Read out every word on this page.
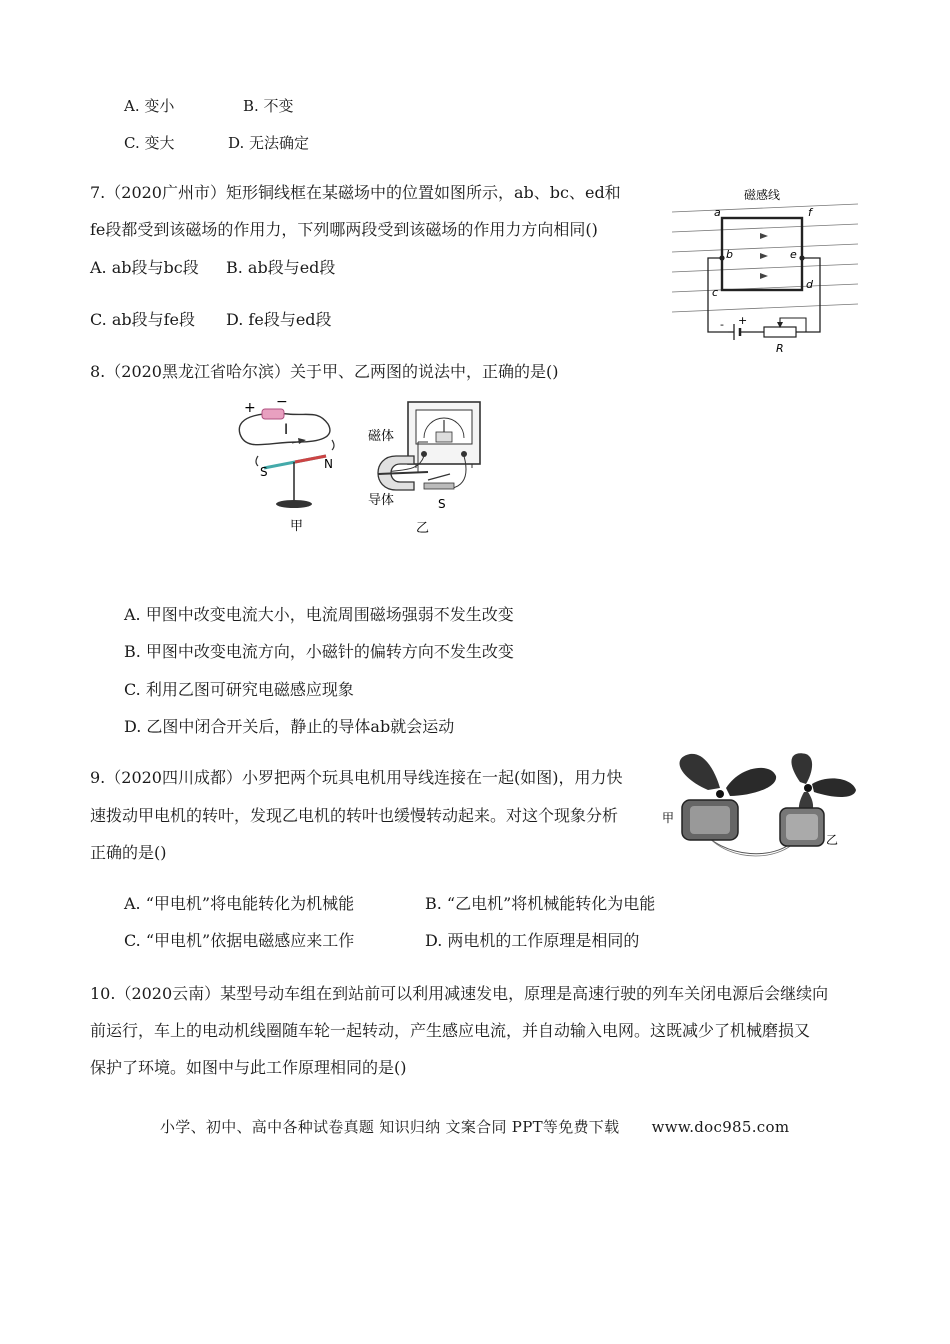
A. 变小	B. 不变
C. 变大	D. 无法确定
7.（2020广州市）矩形铜线框在某磁场中的位置如图所示，ab、bc、ed和
fe段都受到该磁场的作用力，下列哪两段受到该磁场的作用力方向相同()
A. ab段与bc段 B. ab段与ed段
C. ab段与fe段 D. fe段与ed段
磁感线
a
b
c
d
e
f
R
- +
8.（2020黑龙江省哈尔滨）关于甲、乙两图的说法中，正确的是()
+ −
I
S
N
甲
磁体
导体	S
乙
A. 甲图中改变电流大小，电流周围磁场强弱不发生改变
B. 甲图中改变电流方向，小磁针的偏转方向不发生改变
C. 利用乙图可研究电磁感应现象
D. 乙图中闭合开关后，静止的导体ab就会运动
9.（2020四川成都）小罗把两个玩具电机用导线连接在一起(如图)，用力快
速拨动甲电机的转叶，发现乙电机的转叶也缓慢转动起来。对这个现象分析
正确的是()
甲
乙
A. “甲电机”将电能转化为机械能	B. “乙电机”将机械能转化为电能
C. “甲电机”依据电磁感应来工作	D. 两电机的工作原理是相同的
10.（2020云南）某型号动车组在到站前可以利用减速发电，原理是高速行驶的列车关闭电源后会继续向
前运行，车上的电动机线圈随车轮一起转动，产生感应电流，并自动输入电网。这既减少了机械磨损又
保护了环境。如图中与此工作原理相同的是()
小学、初中、高中各种试卷真题 知识归纳 文案合同 PPT等免费下载 www.doc985.com
